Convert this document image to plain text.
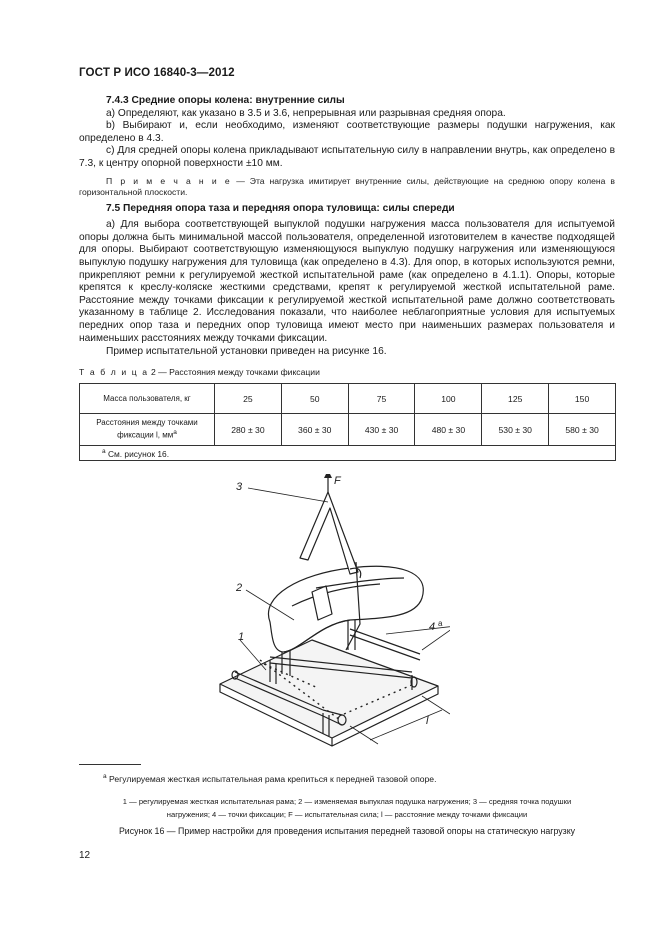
ГОСТ Р ИСО 16840-3—2012
7.4.3 Средние опоры колена: внутренние силы
а) Определяют, как указано в 3.5 и 3.6, непрерывная или разрывная средняя опора.
b) Выбирают и, если необходимо, изменяют соответствующие размеры подушки нагружения, как определено в 4.3.
с) Для средней опоры колена прикладывают испытательную силу в направлении внутрь, как определено в 7.3, к центру опорной поверхности ±10 мм.
П р и м е ч а н и е — Эта нагрузка имитирует внутренние силы, действующие на среднюю опору колена в горизонтальной плоскости.
7.5 Передняя опора таза и передняя опора туловища: силы спереди
а) Для выбора соответствующей выпуклой подушки нагружения масса пользователя для испытуемой опоры должна быть минимальной массой пользователя, определенной изготовителем в качестве подходящей для опоры. Выбирают соответствующую изменяющуюся выпуклую подушку нагружения или изменяющуюся выпуклую подушку нагружения для туловища (как определено в 4.3). Для опор, в которых используются ремни, прикрепляют ремни к регулируемой жесткой испытательной раме (как определено в 4.1.1). Опоры, которые крепятся к креслу-коляске жесткими средствами, крепят к регулируемой жесткой испытательной раме. Расстояние между точками фиксации к регулируемой жесткой испытательной раме должно соответствовать указанному в таблице 2. Исследования показали, что наиболее неблагоприятные условия для испытуемых передних опор таза и передних опор туловища имеют место при наименьших размерах пользователя и наименьших расстояниях между точками фиксации.
Пример испытательной установки приведен на рисунке 16.
Т а б л и ц а 2 — Расстояния между точками фиксации
Масса пользователя, кг	25	50	75	100	125	150
Расстояния между точками фиксации l, $мм^a$	280 ± 30	360 ± 30	430 ± 30	480 ± 30	530 ± 30	580 ± 30
$^a$ См. рисунок 16.						
F
3
2
1
4 a
l
$^a$ Регулируемая жесткая испытательная рама крепиться к передней тазовой опоре.
1 — регулируемая жесткая испытательная рама; 2 — изменяемая выпуклая подушка нагружения; 3 — средняя точка подушки
нагружения; 4 — точки фиксации; F — испытательная сила; l — расстояние между точками фиксации
Рисунок 16 — Пример настройки для проведения испытания передней тазовой опоры на статическую нагрузку
12
